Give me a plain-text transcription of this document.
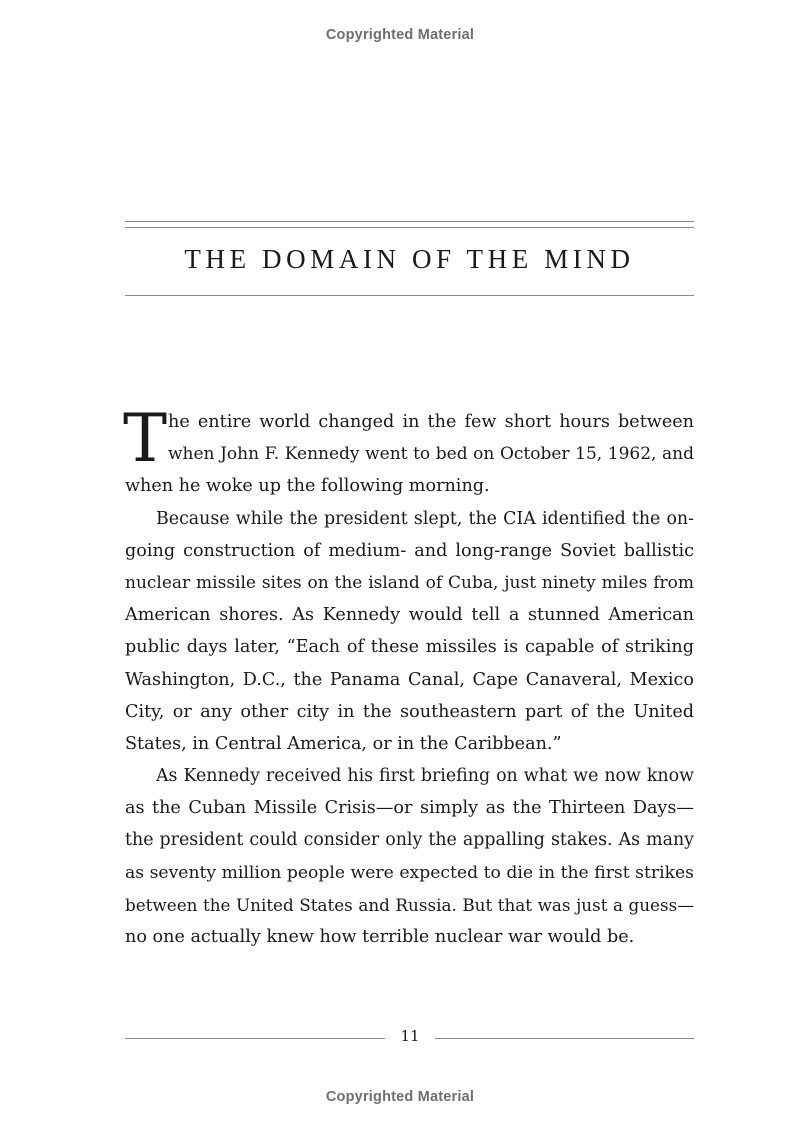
Copyrighted Material
THE DOMAIN OF THE MIND
T he entire world changed in the few short hours between
when John F. Kennedy went to bed on October 15, 1962, and
when he woke up the following morning.
Because while the president slept, the CIA identified the on-
going construction of medium- and long-range Soviet ballistic
nuclear missile sites on the island of Cuba, just ninety miles from
American shores. As Kennedy would tell a stunned American
public days later, “Each of these missiles is capable of striking
Washington, D.C., the Panama Canal, Cape Canaveral, Mexico
City, or any other city in the southeastern part of the United
States, in Central America, or in the Caribbean.”
As Kennedy received his first briefing on what we now know
as the Cuban Missile Crisis—or simply as the Thirteen Days—
the president could consider only the appalling stakes. As many
as seventy million people were expected to die in the first strikes
between the United States and Russia. But that was just a guess—
no one actually knew how terrible nuclear war would be.
11
Copyrighted Material
